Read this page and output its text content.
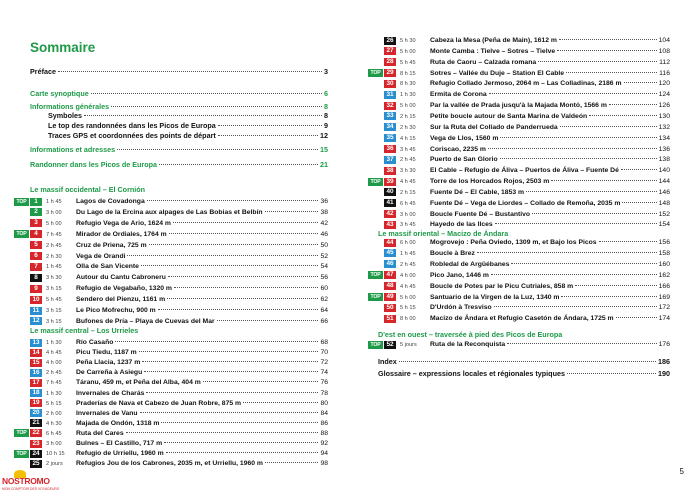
Sommaire
Préface	3
Carte synoptique	6
Informations générales	8
Symboles	8
Le top des randonnées dans les Picos de Europa	9
Traces GPS et coordonnées des points de départ	12
Informations et adresses	15
Randonner dans les Picos de Europa	21
Le massif occidental – El Cornión
TOP	1	1 h 45	Lagos de Covadonga	36
2	3 h 00	Du Lago de la Ercina aux alpages de Las Bobias et Belbín	38
3	5 h 00	Refugio Vega de Ario, 1624 m	42
TOP	4	7 h 45	Mirador de Ordiales, 1764 m	46
5	2 h 45	Cruz de Priena, 725 m	50
6	2 h 30	Vega de Orandi	52
7	1 h 45	Olla de San Vicente	54
8	3 h 30	Autour du Cantu Cabroneru	56
9	3 h 15	Refugio de Vegabaño, 1320 m	60
10	5 h 45	Sendero del Pienzu, 1161 m	62
11	3 h 15	Le Pico Mofrechu, 900 m	64
12	3 h 15	Bufones de Pría – Playa de Cuevas del Mar	66
Le massif central – Los Urrieles
13	1 h 30	Río Casaño	68
14	4 h 45	Picu Tiedu, 1187 m	70
15	4 h 00	Peña Llacia, 1237 m	72
16	2 h 45	De Carreña à Asiegu	74
17	7 h 45	Táranu, 459 m, et Peña del Alba, 404 m	76
18	1 h 30	Invernales de Charás	78
19	5 h 15	Praderías de Nava et Cabezo de Juan Robre, 875 m	80
20	2 h 00	Invernales de Vanu	84
21	4 h 30	Majada de Ondón, 1318 m	86
TOP 22	6 h 45	Ruta del Cares	88
23	3 h 00	Bulnes – El Castillo, 717 m	92
TOP 24	10 h 15	Refugio de Urriellu, 1960 m	94
25	2 jours	Refugios Jou de los Cabrones, 2035 m, et Urriellu, 1960 m	98
26	5 h 30	Cabeza la Mesa (Peña de Main), 1612 m	104
27	5 h 00	Monte Camba : Tielve – Sotres – Tielve	108
28	5 h 45	Ruta de Caoru – Calzada romana	112
TOP 29	8 h 15	Sotres – Vallée du Duje – Station El Cable	116
30	8 h 30	Refugio Collado Jermoso, 2064 m – Las Colladinas, 2186 m	120
31	1 h 30	Ermita de Corona	124
32	5 h 00	Par la vallée de Prada jusqu'à la Majada Montó, 1566 m	126
33	2 h 15	Petite boucle autour de Santa Marina de Valdeón	130
34	2 h 30	Sur la Ruta del Collado de Panderruedа	132
35	4 h 15	Vega de Llos, 1560 m	134
36	3 h 45	Coriscao, 2235 m	136
37	2 h 45	Puerto de San Glorio	138
38	3 h 30	El Cable – Refugio de Áliva – Puertos de Áliva – Fuente Dé	140
TOP 39	4 h 45	Torre de los Horcados Rojos, 2503 m	144
40	2 h 15	Fuente Dé – El Cable, 1853 m	146
41	6 h 45	Fuente Dé – Vega de Liordes – Collado de Remoña, 2035 m	148
42	3 h 00	Boucle Fuente Dé – Bustantivo	152
43	3 h 45	Hayedo de las Ilces	154
Le massif oriental – Macizo de Ándara
44	6 h 00	Mogrovejo : Peña Oviedo, 1309 m, et Bajo los Picos	156
45	1 h 45	Boucle à Brez	158
46	2 h 45	Robledal de Argüébanes	160
TOP 47	4 h 00	Pico Jano, 1446 m	162
48	4 h 45	Boucle de Potes par le Picu Cutriales, 858 m	166
TOP 49	5 h 00	Santuario de la Virgen de la Luz, 1340 m	169
50	5 h 15	D'Urdón à Tresviso	172
51	8 h 00	Macizo de Ándara et Refugio Casetón de Ándara, 1725 m	174
D'est en ouest – traversée à pied des Picos de Europa
TOP 52	5 jours	Ruta de la Reconquista	176
Index	186
Glossaire – expressions locales et régionales typiques	190
5
NOSTROMO
MON COMPTOIR DES VOYAGEURS
